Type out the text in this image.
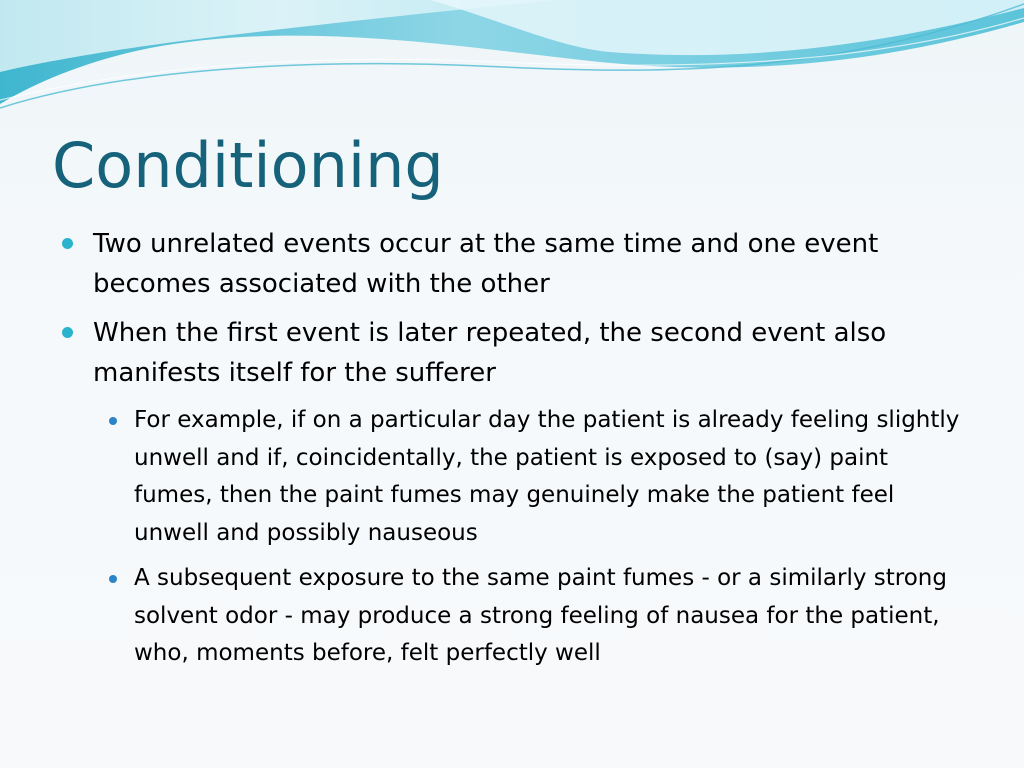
Conditioning
Two unrelated events occur at the same time and one event becomes associated with the other
When the first event is later repeated, the second event also manifests itself for the sufferer
For example, if on a particular day the patient is already feeling slightly unwell and if, coincidentally, the patient is exposed to (say) paint fumes, then the paint fumes may genuinely make the patient feel unwell and possibly nauseous
A subsequent exposure to the same paint fumes - or a similarly strong solvent odor - may produce a strong feeling of nausea for the patient, who, moments before, felt perfectly well
